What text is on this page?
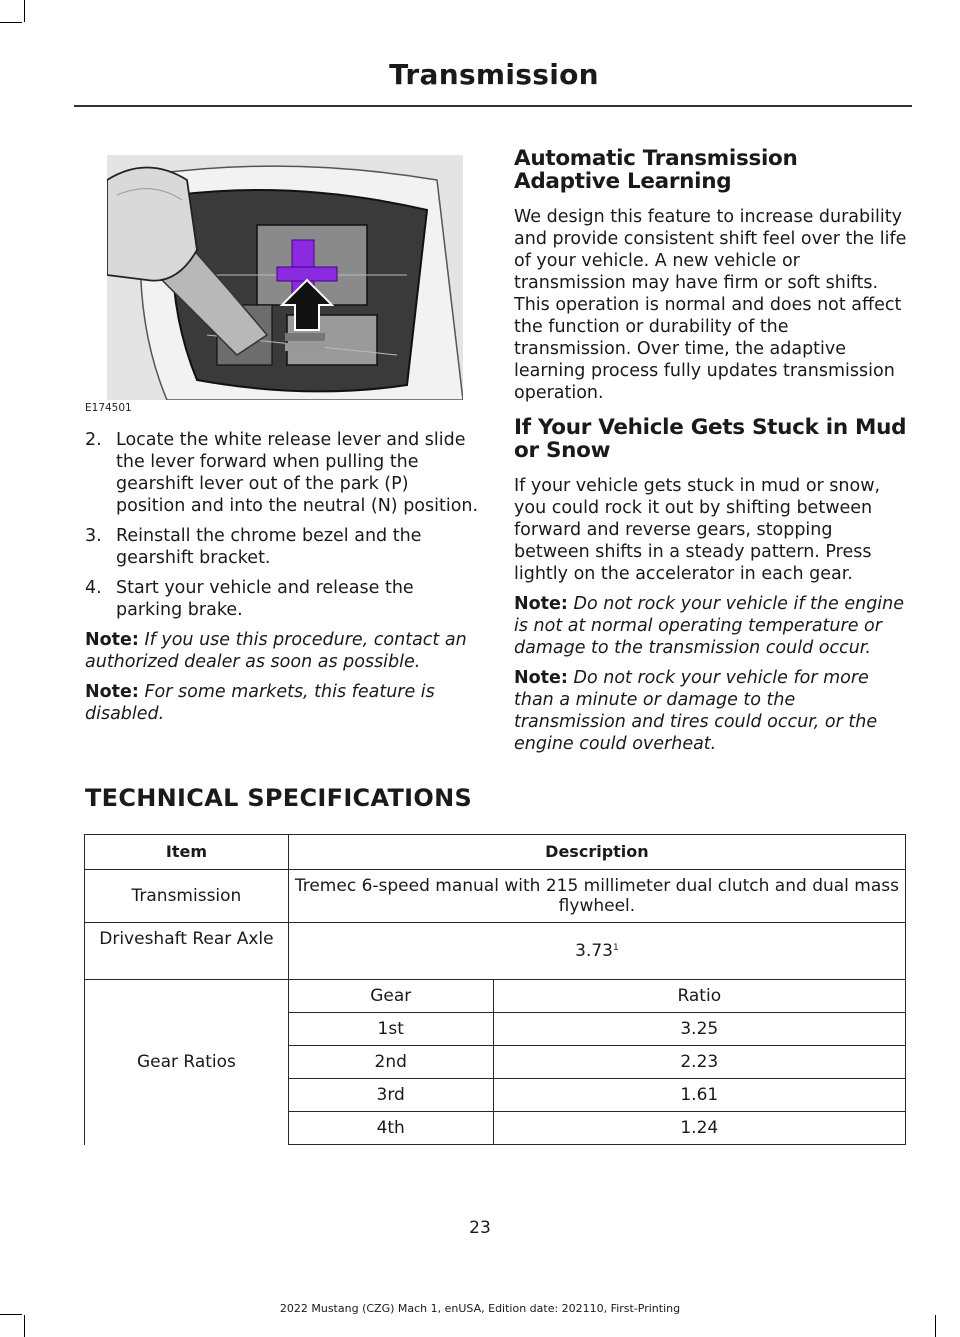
Transmission
E174501
2. Locate the white release lever and slide the lever forward when pulling the gearshift lever out of the park (P) position and into the neutral (N) position.
3. Reinstall the chrome bezel and the gearshift bracket.
4. Start your vehicle and release the parking brake.

Note: If you use this procedure, contact an authorized dealer as soon as possible.

Note: For some markets, this feature is disabled.

Automatic Transmission Adaptive Learning

We design this feature to increase durability and provide consistent shift feel over the life of your vehicle. A new vehicle or transmission may have firm or soft shifts. This operation is normal and does not affect the function or durability of the transmission. Over time, the adaptive learning process fully updates transmission operation.

If Your Vehicle Gets Stuck in Mud or Snow

If your vehicle gets stuck in mud or snow, you could rock it out by shifting between forward and reverse gears, stopping between shifts in a steady pattern. Press lightly on the accelerator in each gear.

Note: Do not rock your vehicle if the engine is not at normal operating temperature or damage to the transmission could occur.

Note: Do not rock your vehicle for more than a minute or damage to the transmission and tires could occur, or the engine could overheat.

TECHNICAL SPECIFICATIONS
Item	Description	
Transmission	Tremec 6-speed manual with 215 millimeter dual clutch and dual mass flywheel.	
Driveshaft Rear Axle	3.73$^1$
Gear Ratios	Gear	Ratio
	1st	3.25
	2nd	2.23
	3rd	1.61
	4th	1.24
23
2022 Mustang (CZG) Mach 1, enUSA, Edition date: 202110, First-Printing
